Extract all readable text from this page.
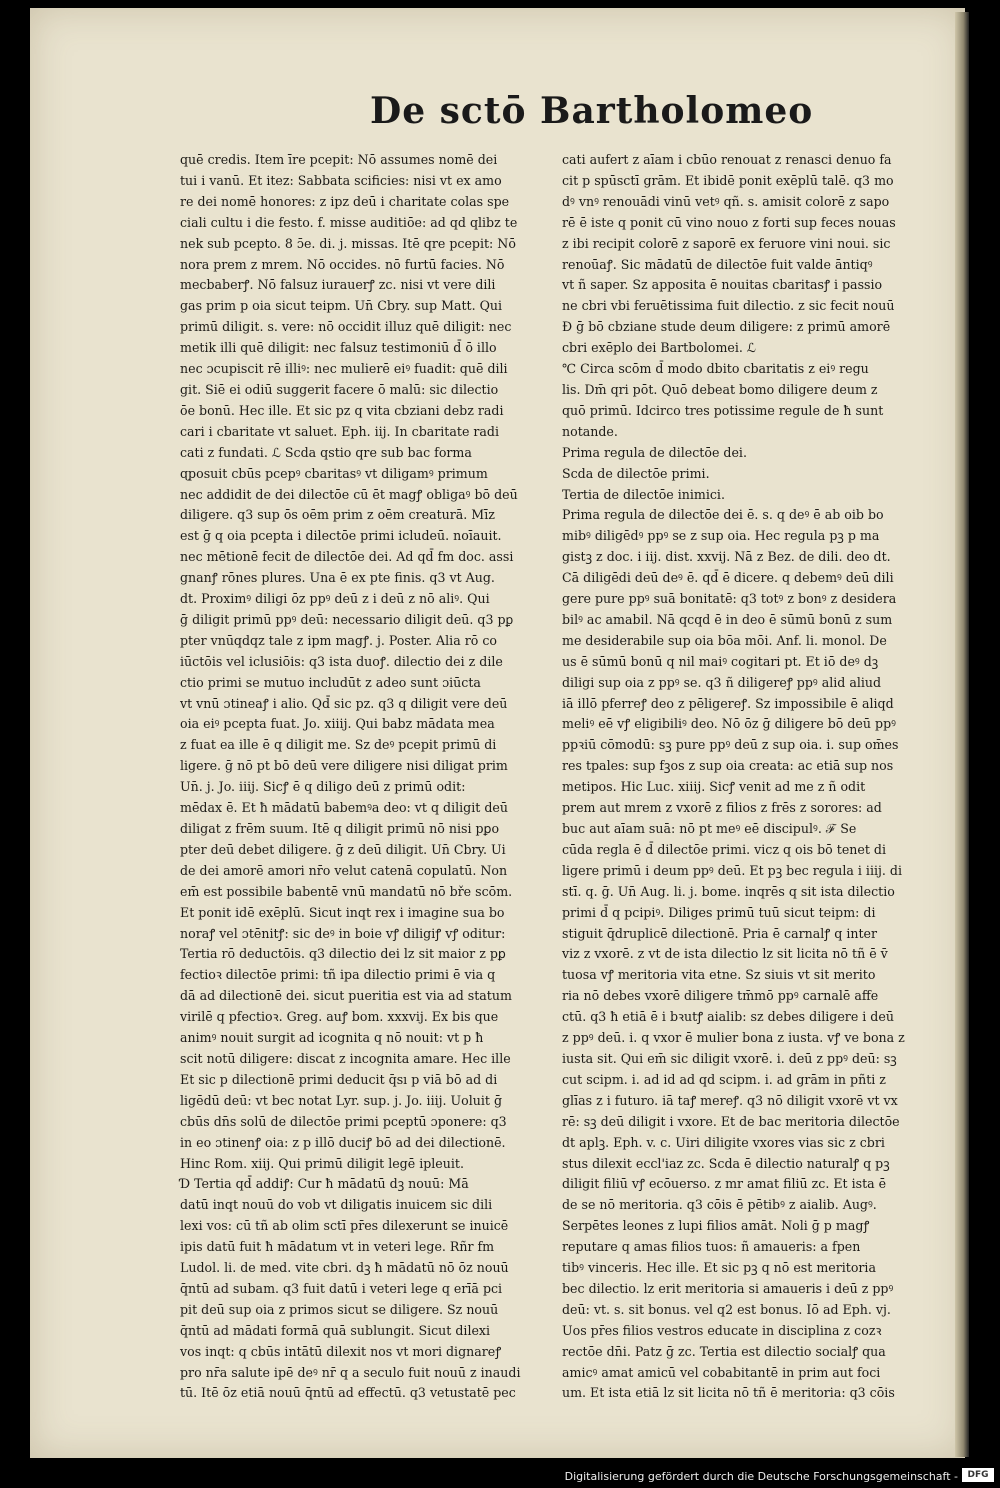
De sctō Bartholomeo
quē credis. Item īre pcepit: Nō assumes nomē dei
tui i vanū. Et itez: Sabbata scificies: nisi vt ex amo
re dei nomē honores: z ipz deū i charitate colas spe
ciali cultu i die festo. f. misse auditiōe: ad qd qlibz te
nek sub pcepto. 8 ɔ̄e. di. j. missas. Itē qre pcepit: Nō
nora prem z mrem. Nō occides. nō furtū facies. Nō
mecbaberꝭ. Nō falsuz iurauerꝭ zc. nisi vt vere dili
gas prim p oia sicut teipm. Un̄ Cbry. sup Matt. Qui
primū diligit. s. vere: nō occidit illuz quē diligit: nec
metik illi quē diligit: nec falsuz testimoniū d̄ ō illo
nec ɔcupiscit rē illiꝰ: nec mulierē eiꝰ fuadit: quē dili
git. Siē ei odiū suggerit facere ō malū: sic dilectio
ōe bonū. Hec ille. Et sic pz q vita cbziani debz radi
cari i cbaritate vt saluet. Eph. iij. In cbaritate radi
cati z fundati. ℒ Scda qstio qre sub bac forma
ɋposuit cbūs pcepꝰ cbaritasꝰ vt diligamꝰ primum
nec addidit de dei dilectōe cū ēt magꝭ obligaꝰ bō deū
diligere. q3 sup ōs oēm prim z oēm creaturā. Mīz
est ḡ q oia pcepta i dilectōe primi icludeū. noīauit.
nec mētionē fecit de dilectōe dei. Ad qd̄ fm doc. assi
gnanꝭ rōnes plures. Una ē ex pte finis. q3 vt Aug.
dt. Proximꝰ diligi ōz ppꝰ deū z i deū z nō aliꝰ. Qui
ḡ diligit primū ppꝰ deū: necessario diligit deū. q3 pꝑ
pter vnūqdqz tale z ipm magꝭ. j. Poster. Alia rō co
iūctōis vel iclusiōis: q3 ista duoꝭ. dilectio dei z dile
ctio primi se mutuo includūt z adeo sunt ɔiūcta
vt vnū ɔtineaꝭ i alio. Qd̄ sic pz. q3 q diligit vere deū
oia eiꝰ pcepta fuat. Jo. xiiij. Qui babz mādata mea
z fuat ea ille ē q diligit me. Sz deꝰ pcepit primū di
ligere. ḡ nō pt bō deū vere diligere nisi diligat prim
Un̄. j. Jo. iiij. Sicꝭ ē q diligo deū z primū odit:
mēdax ē. Et ħ mādatū babemꝰa deo: vt q diligit deū
diligat z frēm suum. Itē q diligit primū nō nisi pꝑo
pter deū debet diligere. ḡ z deū diligit. Un̄ Cbry. Ui
de dei amorē amori nr̄o velut catenā copulatū. Non
em̄ est possibile babentē vnū mandatū nō bře scōm.
Et ponit idē exēplū. Sicut inqt rex i imagine sua bo
noraꝭ vel ɔtēnitꝭ: sic deꝰ in boie vꝭ diligiꝭ vꝭ oditur:
Tertia rō deductōis. q3 dilectio dei lz sit maior z pꝑ
fectioꝛ dilectōe primi: tñ ipa dilectio primi ē via q
dā ad dilectionē dei. sicut pueritia est via ad statum
virilē q pfectioꝛ. Greg. auꝭ bom. xxxvij. Ex bis que
animꝰ nouit surgit ad icognita q nō nouit: vt p ħ
scit notū diligere: discat z incognita amare. Hec ille
Et sic p dilectionē primi deducit q̄sı p viā bō ad di
ligēdū deū: vt bec notat Lyr. sup. j. Jo. iiij. Uoluit ḡ
cbūs dn̄s solū de dilectōe primi pceptū ɔponere: q3
in eo ɔtinenꝭ oia: z p illō duciꝭ bō ad dei dilectionē.
Hinc Rom. xiij. Qui primū diligit legē ipleuit.
Ɗ Tertia qd̄ addiꝭ: Cur ħ mādatū dꝫ nouū: Mā
datū inqt nouū do vob vt diligatis inuicem sic dili
lexi vos: cū tñ ab olim sctī pr̄es dilexerunt se inuicē
ipis datū fuit ħ mādatum vt in veteri lege. Rñr fm
Ludol. li. de med. vite cbri. dꝫ ħ mādatū nō ōz nouū
q̄ntū ad subam. q3 fuit datū i veteri lege q erīā pci
pit deū sup oia z primos sicut se diligere. Sz nouū
q̄ntū ad mādati formā quā sublungit. Sicut dilexi
vos inqt: q cbūs intātū dilexit nos vt mori dignareꝭ
pro nr̄a salute ipē deꝰ nr̄ q a seculo fuit nouū z inaudi
tū. Itē ōz etiā nouū q̄ntū ad effectū. q3 vetustatē pec
cati aufert z aīam i cbūo renouat z renasci denuo fa
cit p spūsctī grām. Et ibidē ponit exēplū talē. q3 mo
dꝰ vnꝰ renouādi vinū vetꝰ qñ. s. amisit colorē z sapo
rē ē iste q ponit cū vino nouo z forti sup feces nouas
z ibi recipit colorē z saporē ex feruore vini noui. sic
renoūaꝭ. Sic mādatū de dilectōe fuit valde āntiqꝰ
vt ñ saper. Sz apposita ē nouitas cbaritasꝭ i passio
ne cbri vbi feruētissima fuit dilectio. z sic fecit nouū
Ɖ ḡ bō cbziane stude deum diligere: z primū amorē
cbri exēplo dei Bartbolomei. ℒ
℃ Circa scōm d̄ modo dbito cbaritatis z eiꝰ regu
lis. Dm̄ qri pōt. Quō debeat bomo diligere deum z
quō primū. Idcirco tres potissime regule de ħ sunt
notande.
Prima regula de dilectōe dei.
Scda de dilectōe primi.
Tertia de dilectōe inimici.
Prima regula de dilectōe dei ē. s. q deꝰ ē ab oib bo
mibꝰ diligēdꝰ ppꝰ se z sup oia. Hec regula pꝫ p ma
gistꝫ z doc. i iij. dist. xxvij. Nā z Bez. de dili. deo dt.
Cā diligēdi deū deꝰ ē. qd̄ ē dicere. q debemꝰ deū dili
gere pure ppꝰ suā bonitatē: q3 totꝰ z bonꝰ z desidera
bilꝰ ac amabil. Nā qcqd ē in deo ē sūmū bonū z sum
me desiderabile sup oia bōa mōi. Anf. li. monol. De
us ē sūmū bonū q nil maiꝰ cogitari pt. Et iō deꝰ dꝫ
diligi sup oia z ppꝰ se. q3 ñ diligereꝭ ppꝰ alid aliud
iā illō pferreꝭ deo z pēligereꝭ. Sz impossibile ē aliqd
meliꝰ eē vꝭ eligibiliꝰ deo. Nō ōz ḡ diligere bō deū ppꝰ
ppꝛiū cōmodū: sꝫ pure ppꝰ deū z sup oia. i. sup om̄es
res tpales: sup fꝫos z sup oia creata: ac etiā sup nos
metipos. Hic Luc. xiiij. Sicꝭ venit ad me z ñ odit
prem aut mrem z vxorē z filios z frēs z sorores: ad
buc aut aīam suā: nō pt meꝰ eē discipulꝰ. ℱ Se
cūda regla ē d̄ dilectōe primi. vicz q ois bō tenet di
ligere primū i deum ppꝰ deū. Et pꝫ bec regula i iiij. di
stī. q. ḡ. Un̄ Aug. li. j. bome. inqrēs q sit ista dilectio
primi d̄ q pcipiꝰ. Diliges primū tuū sicut teipm: di
stiguit q̄druplicē dilectionē. Pria ē carnalꝭ q inter
viz z vxorē. z vt de ista dilectio lz sit licita nō tñ ē v̄
tuosa vꝭ meritoria vita etne. Sz siuis vt sit merito
ria nō debes vxorē diligere tm̄mō ppꝰ carnalē affe
ctū. q3 ħ etiā ē i bꝛutꝭ aialib: sz debes diligere i deū
z ppꝰ deū. i. q vxor ē mulier bona z iusta. vꝭ ve bona z
iusta sit. Qui em̄ sic diligit vxorē. i. deū z ppꝰ deū: sꝫ
cut scipm. i. ad id ad qd scipm. i. ad grām in pñti z
glīas z i futuro. iā taꝭ mereꝭ. q3 nō diligit vxorē vt vx
rē: sꝫ deū diligit i vxore. Et de bac meritoria dilectōe
dt aplꝫ. Eph. v. c. Uiri diligite vxores vias sic z cbri
stus dilexit eccl'iaz zc. Scda ē dilectio naturalꝭ q pꝫ
diligit filiū vꝭ ecōuerso. z mr amat filiū zc. Et ista ē
de se nō meritoria. q3 cōis ē pētibꝰ z aialib. Augꝰ.
Serpētes leones z lupi filios amāt. Noli ḡ p magꝭ
reputare q amas filios tuos: ñ amaueris: a fpen
tibꝰ vinceris. Hec ille. Et sic pꝫ q nō est meritoria
bec dilectio. lz erit meritoria si amaueris i deū z ppꝰ
deū: vt. s. sit bonus. vel q2 est bonus. Iō ad Eph. vj.
Uos pr̄es filios vestros educate in disciplina z cozꝛ
rectōe dn̄i. Patz ḡ zc. Tertia est dilectio socialꝭ qua
amicꝰ amat amicū vel cobabitantē in prim aut foci
um. Et ista etiā lz sit licita nō tñ ē meritoria: q3 cōis
Digitalisierung gefördert durch die Deutsche Forschungsgemeinschaft -	DFG
